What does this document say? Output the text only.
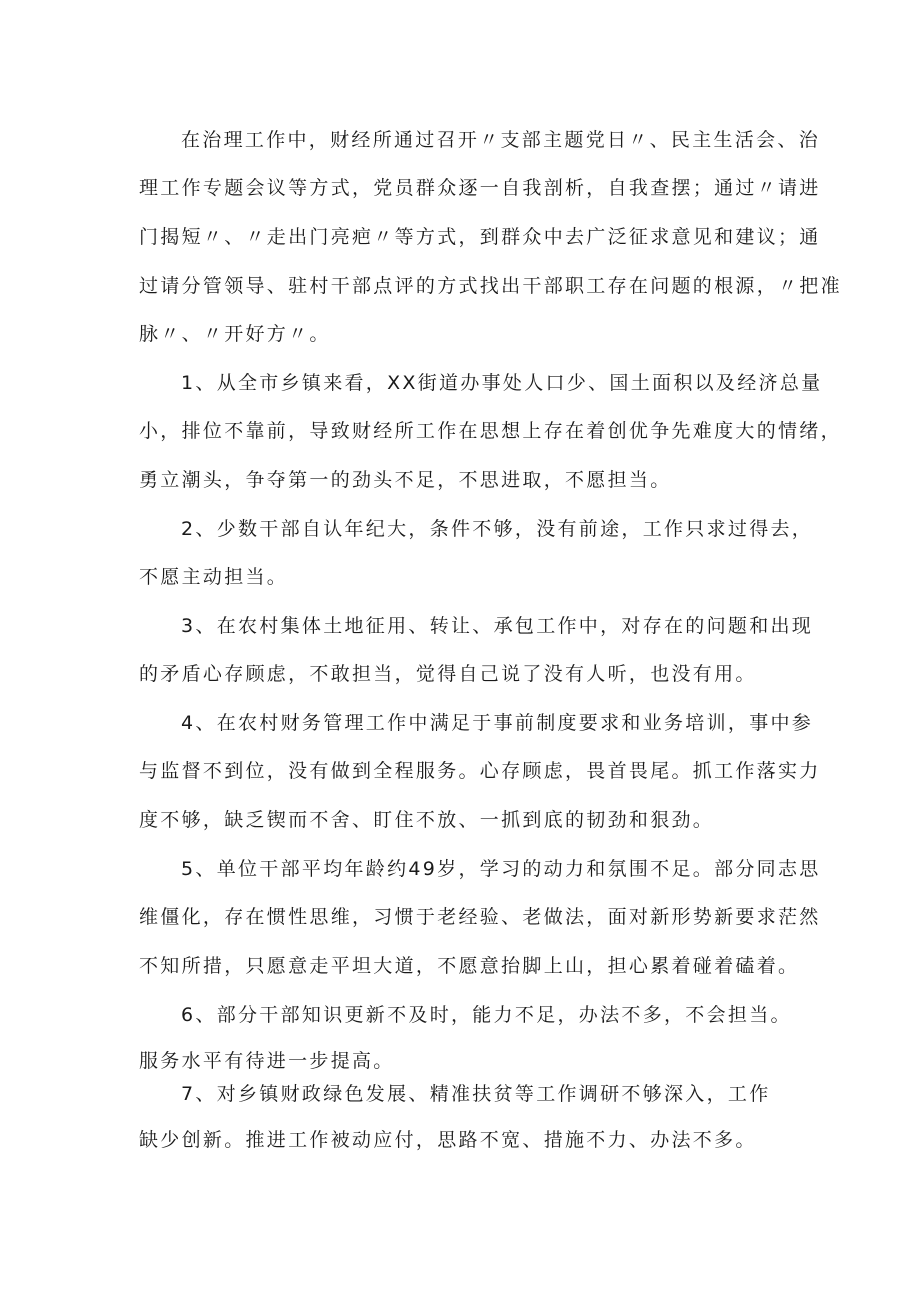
在治理工作中，财经所通过召开〃支部主题党日〃、民主生活会、治
理工作专题会议等方式，党员群众逐一自我剖析，自我查摆；通过〃请进
门揭短〃、〃走出门亮疤〃等方式，到群众中去广泛征求意见和建议；通
过请分管领导、驻村干部点评的方式找出干部职工存在问题的根源，〃把准
脉〃、〃开好方〃。
1、从全市乡镇来看，XX街道办事处人口少、国土面积以及经济总量
小，排位不靠前，导致财经所工作在思想上存在着创优争先难度大的情绪，
勇立潮头，争夺第一的劲头不足，不思进取，不愿担当。
2、少数干部自认年纪大，条件不够，没有前途，工作只求过得去，
不愿主动担当。
3、在农村集体土地征用、转让、承包工作中，对存在的问题和出现
的矛盾心存顾虑，不敢担当，觉得自己说了没有人听，也没有用。
4、在农村财务管理工作中满足于事前制度要求和业务培训，事中参
与监督不到位，没有做到全程服务。心存顾虑，畏首畏尾。抓工作落实力
度不够，缺乏锲而不舍、盯住不放、一抓到底的韧劲和狠劲。
5、单位干部平均年龄约49岁，学习的动力和氛围不足。部分同志思
维僵化，存在惯性思维，习惯于老经验、老做法，面对新形势新要求茫然
不知所措，只愿意走平坦大道，不愿意抬脚上山，担心累着碰着磕着。
6、部分干部知识更新不及时，能力不足，办法不多，不会担当。
服务水平有待进一步提高。
7、对乡镇财政绿色发展、精准扶贫等工作调研不够深入，工作
缺少创新。推进工作被动应付，思路不宽、措施不力、办法不多。
